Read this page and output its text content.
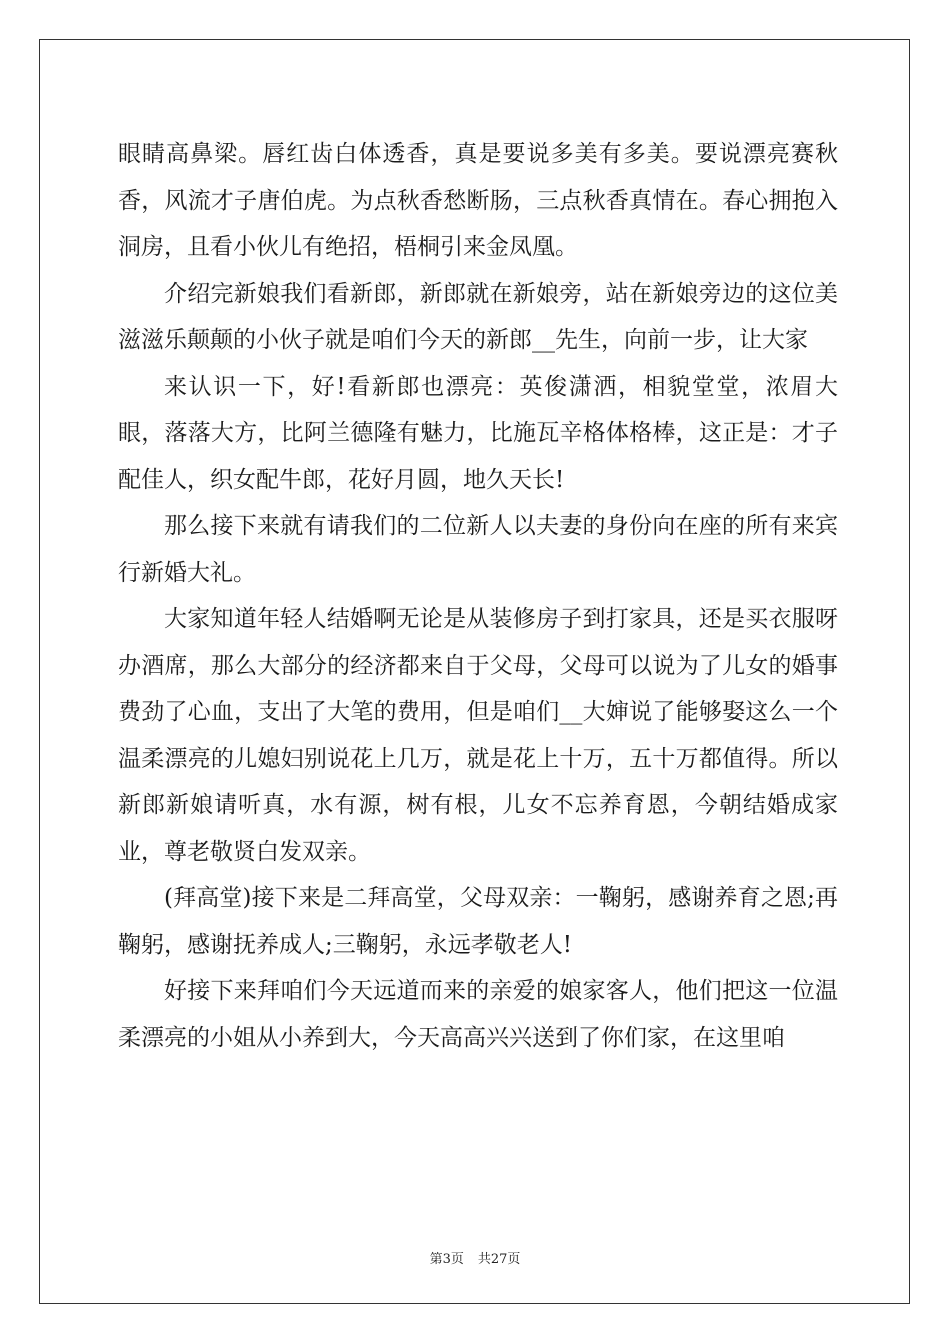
眼睛高鼻梁。唇红齿白体透香，真是要说多美有多美。要说漂亮赛秋香，风流才子唐伯虎。为点秋香愁断肠，三点秋香真情在。春心拥抱入洞房，且看小伙儿有绝招，梧桐引来金凤凰。

介绍完新娘我们看新郎，新郎就在新娘旁，站在新娘旁边的这位美滋滋乐颠颠的小伙子就是咱们今天的新郎__先生，向前一步，让大家

来认识一下，好!看新郎也漂亮：英俊潇洒，相貌堂堂，浓眉大眼，落落大方，比阿兰德隆有魅力，比施瓦辛格体格棒，这正是：才子配佳人，织女配牛郎，花好月圆，地久天长!

那么接下来就有请我们的二位新人以夫妻的身份向在座的所有来宾行新婚大礼。

大家知道年轻人结婚啊无论是从装修房子到打家具，还是买衣服呀办酒席，那么大部分的经济都来自于父母，父母可以说为了儿女的婚事费劲了心血，支出了大笔的费用，但是咱们__大婶说了能够娶这么一个温柔漂亮的儿媳妇别说花上几万，就是花上十万，五十万都值得。所以新郎新娘请听真，水有源，树有根，儿女不忘养育恩，今朝结婚成家业，尊老敬贤白发双亲。

(拜高堂)接下来是二拜高堂，父母双亲：一鞠躬，感谢养育之恩;再鞠躬，感谢抚养成人;三鞠躬，永远孝敬老人!

好接下来拜咱们今天远道而来的亲爱的娘家客人，他们把这一位温柔漂亮的小姐从小养到大，今天高高兴兴送到了你们家，在这里咱

第3页 共27页
